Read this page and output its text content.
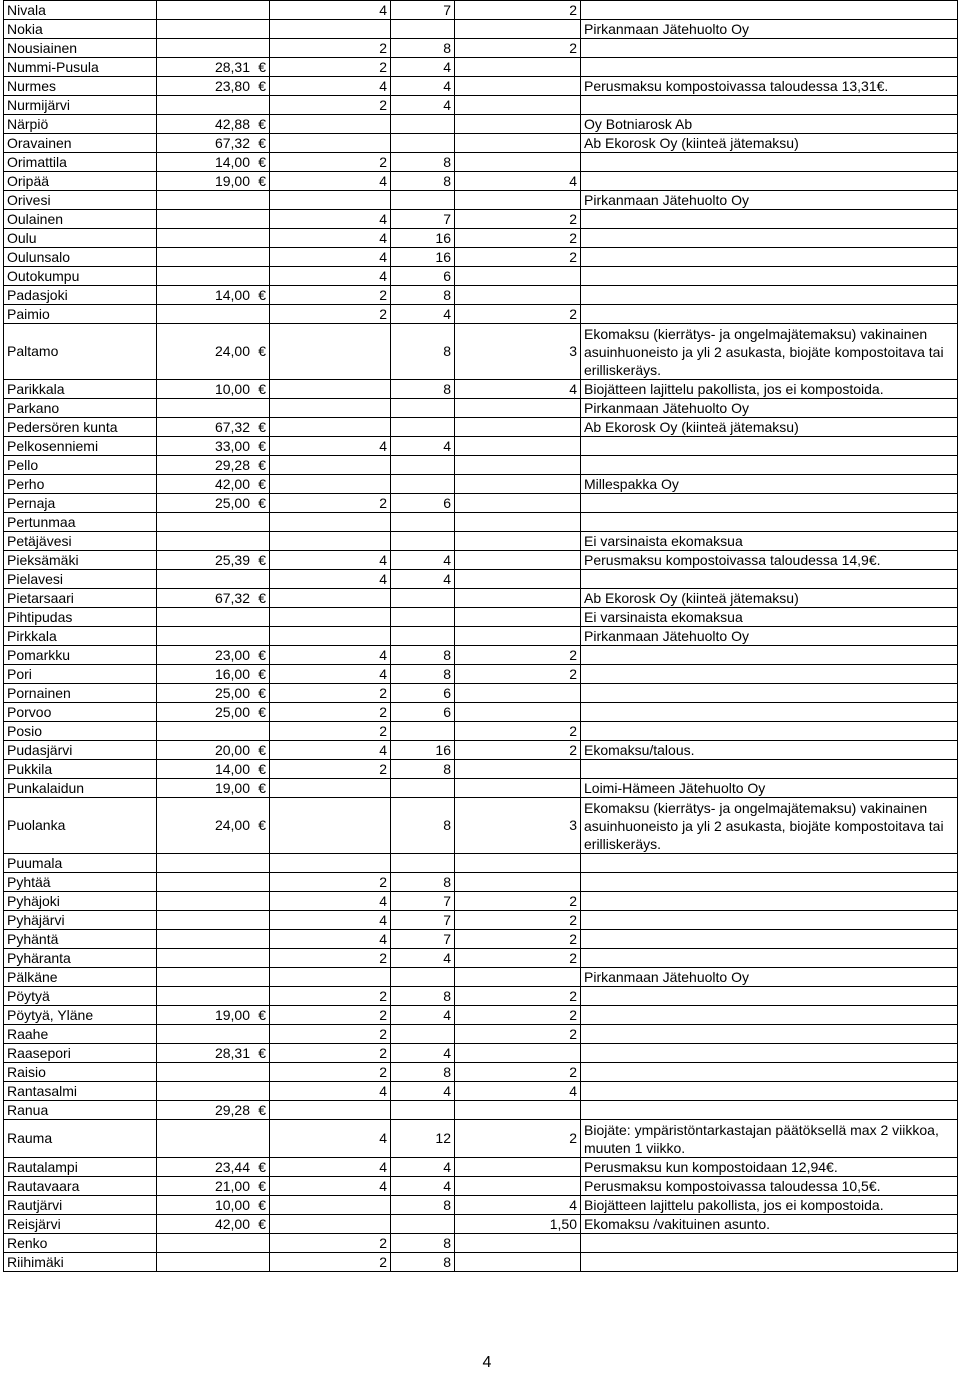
Nivala		4	7	2	
Nokia					Pirkanmaan Jätehuolto Oy
Nousiainen		2	8	2	
Nummi-Pusula	28,31 €	2	4		
Nurmes	23,80 €	4	4		Perusmaksu kompostoivassa taloudessa 13,31€.
Nurmijärvi		2	4		
Närpiö	42,88 €				Oy Botniarosk Ab
Oravainen	67,32 €				Ab Ekorosk Oy (kiinteä jätemaksu)
Orimattila	14,00 €	2	8		
Oripää	19,00 €	4	8	4	
Orivesi					Pirkanmaan Jätehuolto Oy
Oulainen		4	7	2	
Oulu		4	16	2	
Oulunsalo		4	16	2	
Outokumpu		4	6		
Padasjoki	14,00 €	2	8		
Paimio		2	4	2	
Paltamo	24,00 €		8	3	Ekomaksu (kierrätys- ja ongelmajätemaksu) vakinainen asuinhuoneisto ja yli 2 asukasta, biojäte kompostoitava tai erilliskeräys.
Parikkala	10,00 €		8	4	Biojätteen lajittelu pakollista, jos ei kompostoida.
Parkano					Pirkanmaan Jätehuolto Oy
Pedersören kunta	67,32 €				Ab Ekorosk Oy (kiinteä jätemaksu)
Pelkosenniemi	33,00 €	4	4		
Pello	29,28 €				
Perho	42,00 €				Millespakka Oy
Pernaja	25,00 €	2	6		
Pertunmaa					
Petäjävesi					Ei varsinaista ekomaksua
Pieksämäki	25,39 €	4	4		Perusmaksu kompostoivassa taloudessa 14,9€.
Pielavesi		4	4		
Pietarsaari	67,32 €				Ab Ekorosk Oy (kiinteä jätemaksu)
Pihtipudas					Ei varsinaista ekomaksua
Pirkkala					Pirkanmaan Jätehuolto Oy
Pomarkku	23,00 €	4	8	2	
Pori	16,00 €	4	8	2	
Pornainen	25,00 €	2	6		
Porvoo	25,00 €	2	6		
Posio		2		2	
Pudasjärvi	20,00 €	4	16	2	Ekomaksu/talous.
Pukkila	14,00 €	2	8		
Punkalaidun	19,00 €				Loimi-Hämeen Jätehuolto Oy
Puolanka	24,00 €		8	3	Ekomaksu (kierrätys- ja ongelmajätemaksu) vakinainen asuinhuoneisto ja yli 2 asukasta, biojäte kompostoitava tai erilliskeräys.
Puumala					
Pyhtää		2	8		
Pyhäjoki		4	7	2	
Pyhäjärvi		4	7	2	
Pyhäntä		4	7	2	
Pyhäranta		2	4	2	
Pälkäne					Pirkanmaan Jätehuolto Oy
Pöytyä		2	8	2	
Pöytyä, Yläne	19,00 €	2	4	2	
Raahe		2		2	
Raasepori	28,31 €	2	4		
Raisio		2	8	2	
Rantasalmi		4	4	4	
Ranua	29,28 €				
Rauma		4	12	2	Biojäte: ympäristöntarkastajan päätöksellä max 2 viikkoa, muuten 1 viikko.
Rautalampi	23,44 €	4	4		Perusmaksu kun kompostoidaan 12,94€.
Rautavaara	21,00 €	4	4		Perusmaksu kompostoivassa taloudessa 10,5€.
Rautjärvi	10,00 €		8	4	Biojätteen lajittelu pakollista, jos ei kompostoida.
Reisjärvi	42,00 €			1,50	Ekomaksu /vakituinen asunto.
Renko		2	8		
Riihimäki		2	8		
4
